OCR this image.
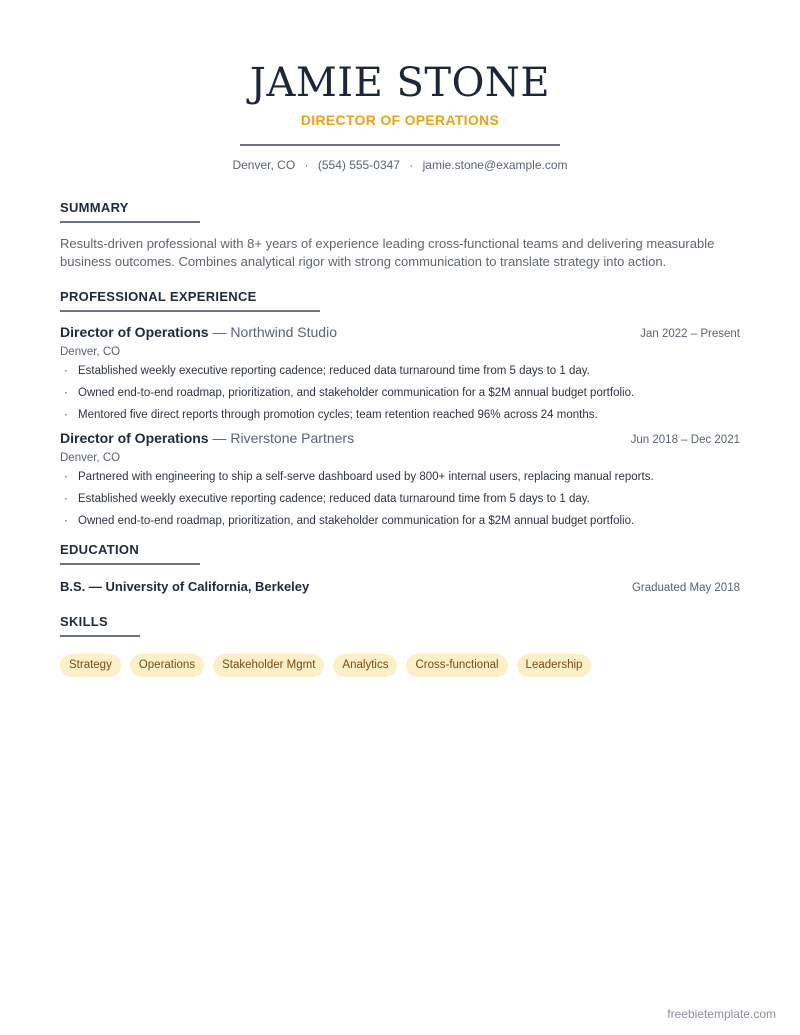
JAMIE STONE
DIRECTOR OF OPERATIONS
Denver, CO · (554) 555-0347 · jamie.stone@example.com
SUMMARY
Results-driven professional with 8+ years of experience leading cross-functional teams and delivering measurable business outcomes. Combines analytical rigor with strong communication to translate strategy into action.
PROFESSIONAL EXPERIENCE
Director of Operations — Northwind Studio	Jan 2022 – Present
Denver, CO
· Established weekly executive reporting cadence; reduced data turnaround time from 5 days to 1 day.
· Owned end-to-end roadmap, prioritization, and stakeholder communication for a $2M annual budget portfolio.
· Mentored five direct reports through promotion cycles; team retention reached 96% across 24 months.
Director of Operations — Riverstone Partners	Jun 2018 – Dec 2021
Denver, CO
· Partnered with engineering to ship a self-serve dashboard used by 800+ internal users, replacing manual reports.
· Established weekly executive reporting cadence; reduced data turnaround time from 5 days to 1 day.
· Owned end-to-end roadmap, prioritization, and stakeholder communication for a $2M annual budget portfolio.
EDUCATION
B.S. — University of California, Berkeley	Graduated May 2018
SKILLS
Strategy	Operations	Stakeholder Mgmt	Analytics	Cross-functional	Leadership
freebietemplate.com
